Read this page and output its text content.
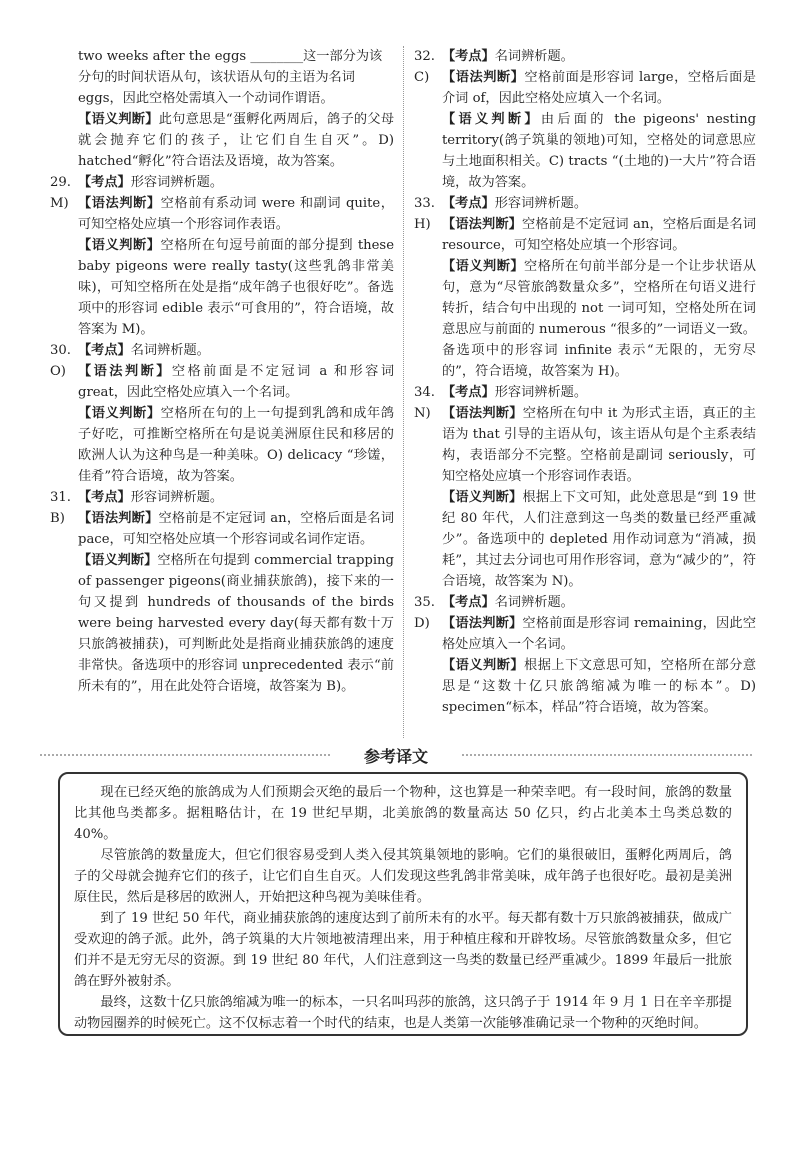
two weeks after the eggs ________这一部分为该
分句的时间状语从句，该状语从句的主语为名词
eggs，因此空格处需填入一个动词作谓语。
【语义判断】此句意思是“蛋孵化两周后，鸽子的父母就会抛弃它们的孩子，让它们自生自灭”。D) hatched“孵化”符合语法及语境，故为答案。
29. 【考点】形容词辨析题。
M) 【语法判断】空格前有系动词 were 和副词 quite，可知空格处应填一个形容词作表语。
【语义判断】空格所在句逗号前面的部分提到 these baby pigeons were really tasty(这些乳鸽非常美味)，可知空格所在处是指“成年鸽子也很好吃”。备选项中的形容词 edible 表示“可食用的”，符合语境，故答案为 M)。
30. 【考点】名词辨析题。
O) 【语法判断】空格前面是不定冠词 a 和形容词 great，因此空格处应填入一个名词。
【语义判断】空格所在句的上一句提到乳鸽和成年鸽子好吃，可推断空格所在句是说美洲原住民和移居的欧洲人认为这种鸟是一种美味。O) delicacy “珍馐，佳肴”符合语境，故为答案。
31. 【考点】形容词辨析题。
B) 【语法判断】空格前是不定冠词 an，空格后面是名词 pace，可知空格处应填一个形容词或名词作定语。
【语义判断】空格所在句提到 commercial trapping of passenger pigeons(商业捕获旅鸽)，接下来的一句又提到 hundreds of thousands of the birds were being harvested every day(每天都有数十万只旅鸽被捕获)，可判断此处是指商业捕获旅鸽的速度非常快。备选项中的形容词 unprecedented 表示“前所未有的”，用在此处符合语境，故答案为 B)。
32. 【考点】名词辨析题。
C) 【语法判断】空格前面是形容词 large，空格后面是介词 of，因此空格处应填入一个名词。
【语义判断】由后面的 the pigeons' nesting territory(鸽子筑巢的领地)可知，空格处的词意思应与土地面积相关。C) tracts “(土地的)一大片”符合语境，故为答案。
33. 【考点】形容词辨析题。
H) 【语法判断】空格前是不定冠词 an，空格后面是名词 resource，可知空格处应填一个形容词。
【语义判断】空格所在句前半部分是一个让步状语从句，意为“尽管旅鸽数量众多”，空格所在句语义进行转折，结合句中出现的 not 一词可知，空格处所在词意思应与前面的 numerous “很多的”一词语义一致。备选项中的形容词 infinite 表示“无限的，无穷尽的”，符合语境，故答案为 H)。
34. 【考点】形容词辨析题。
N) 【语法判断】空格所在句中 it 为形式主语，真正的主语为 that 引导的主语从句，该主语从句是个主系表结构，表语部分不完整。空格前是副词 seriously，可知空格处应填一个形容词作表语。
【语义判断】根据上下文可知，此处意思是“到 19 世纪 80 年代，人们注意到这一鸟类的数量已经严重减少”。备选项中的 depleted 用作动词意为“消减，损耗”，其过去分词也可用作形容词，意为“减少的”，符合语境，故答案为 N)。
35. 【考点】名词辨析题。
D) 【语法判断】空格前面是形容词 remaining，因此空格处应填入一个名词。
【语义判断】根据上下文意思可知，空格所在部分意思是“这数十亿只旅鸽缩减为唯一的标本”。D) specimen“标本，样品”符合语境，故为答案。
参考译文

现在已经灭绝的旅鸽成为人们预期会灭绝的最后一个物种，这也算是一种荣幸吧。有一段时间，旅鸽的数量比其他鸟类都多。据粗略估计，在 19 世纪早期，北美旅鸽的数量高达 50 亿只，约占北美本土鸟类总数的 40%。

尽管旅鸽的数量庞大，但它们很容易受到人类入侵其筑巢领地的影响。它们的巢很破旧，蛋孵化两周后，鸽子的父母就会抛弃它们的孩子，让它们自生自灭。人们发现这些乳鸽非常美味，成年鸽子也很好吃。最初是美洲原住民，然后是移居的欧洲人，开始把这种鸟视为美味佳肴。

到了 19 世纪 50 年代，商业捕获旅鸽的速度达到了前所未有的水平。每天都有数十万只旅鸽被捕获，做成广受欢迎的鸽子派。此外，鸽子筑巢的大片领地被清理出来，用于种植庄稼和开辟牧场。尽管旅鸽数量众多，但它们并不是无穷无尽的资源。到 19 世纪 80 年代，人们注意到这一鸟类的数量已经严重减少。1899 年最后一批旅鸽在野外被射杀。

最终，这数十亿只旅鸽缩减为唯一的标本，一只名叫玛莎的旅鸽，这只鸽子于 1914 年 9 月 1 日在辛辛那提动物园圈养的时候死亡。这不仅标志着一个时代的结束，也是人类第一次能够准确记录一个物种的灭绝时间。
